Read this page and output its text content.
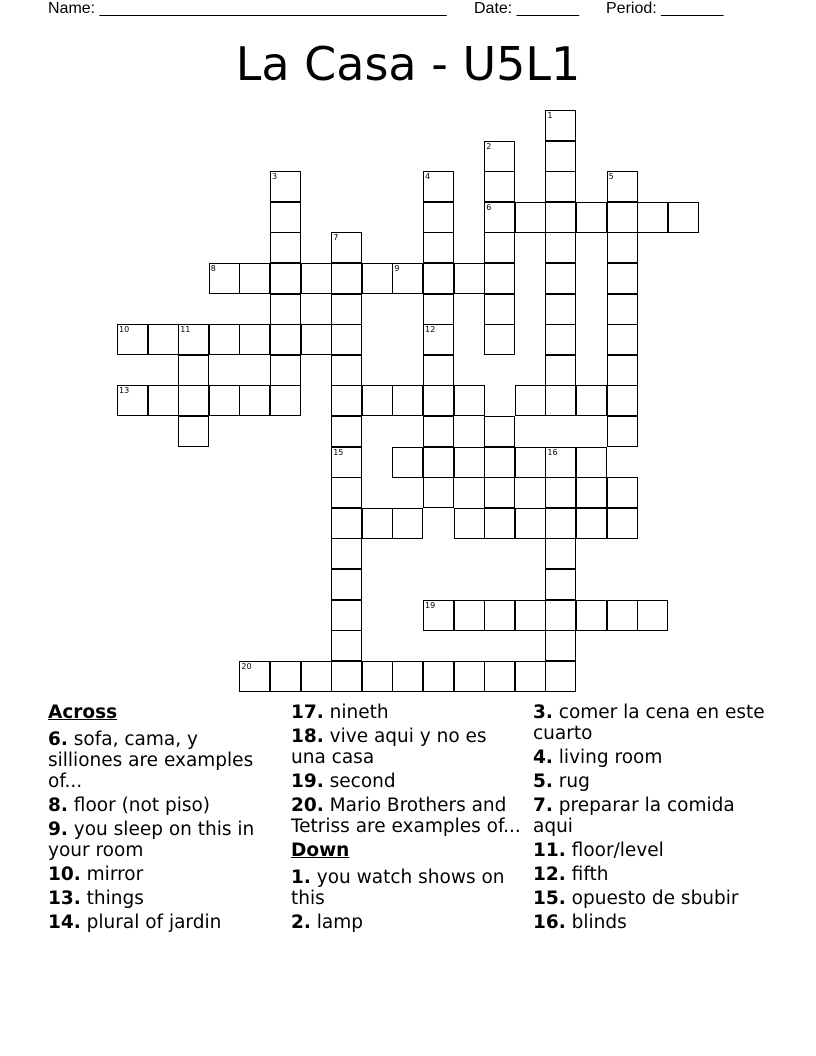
Name: _______________________________________ Date: _______ Period: _______
La Casa - U5L1
1
2
6
3	4
12
5
7
15
8	9
10	11
13
16
19
20
Across
6. sofa, cama, y silliones are examples of...
8. floor (not piso)
9. you sleep on this in your room
10. mirror
13. things
14. plural of jardin
17. nineth
18. vive aqui y no es una casa
19. second
20. Mario Brothers and Tetriss are examples of...
Down
1. you watch shows on this
2. lamp
3. comer la cena en este cuarto
4. living room
5. rug
7. preparar la comida aqui
11. floor/level
12. fifth
15. opuesto de sbubir
16. blinds
